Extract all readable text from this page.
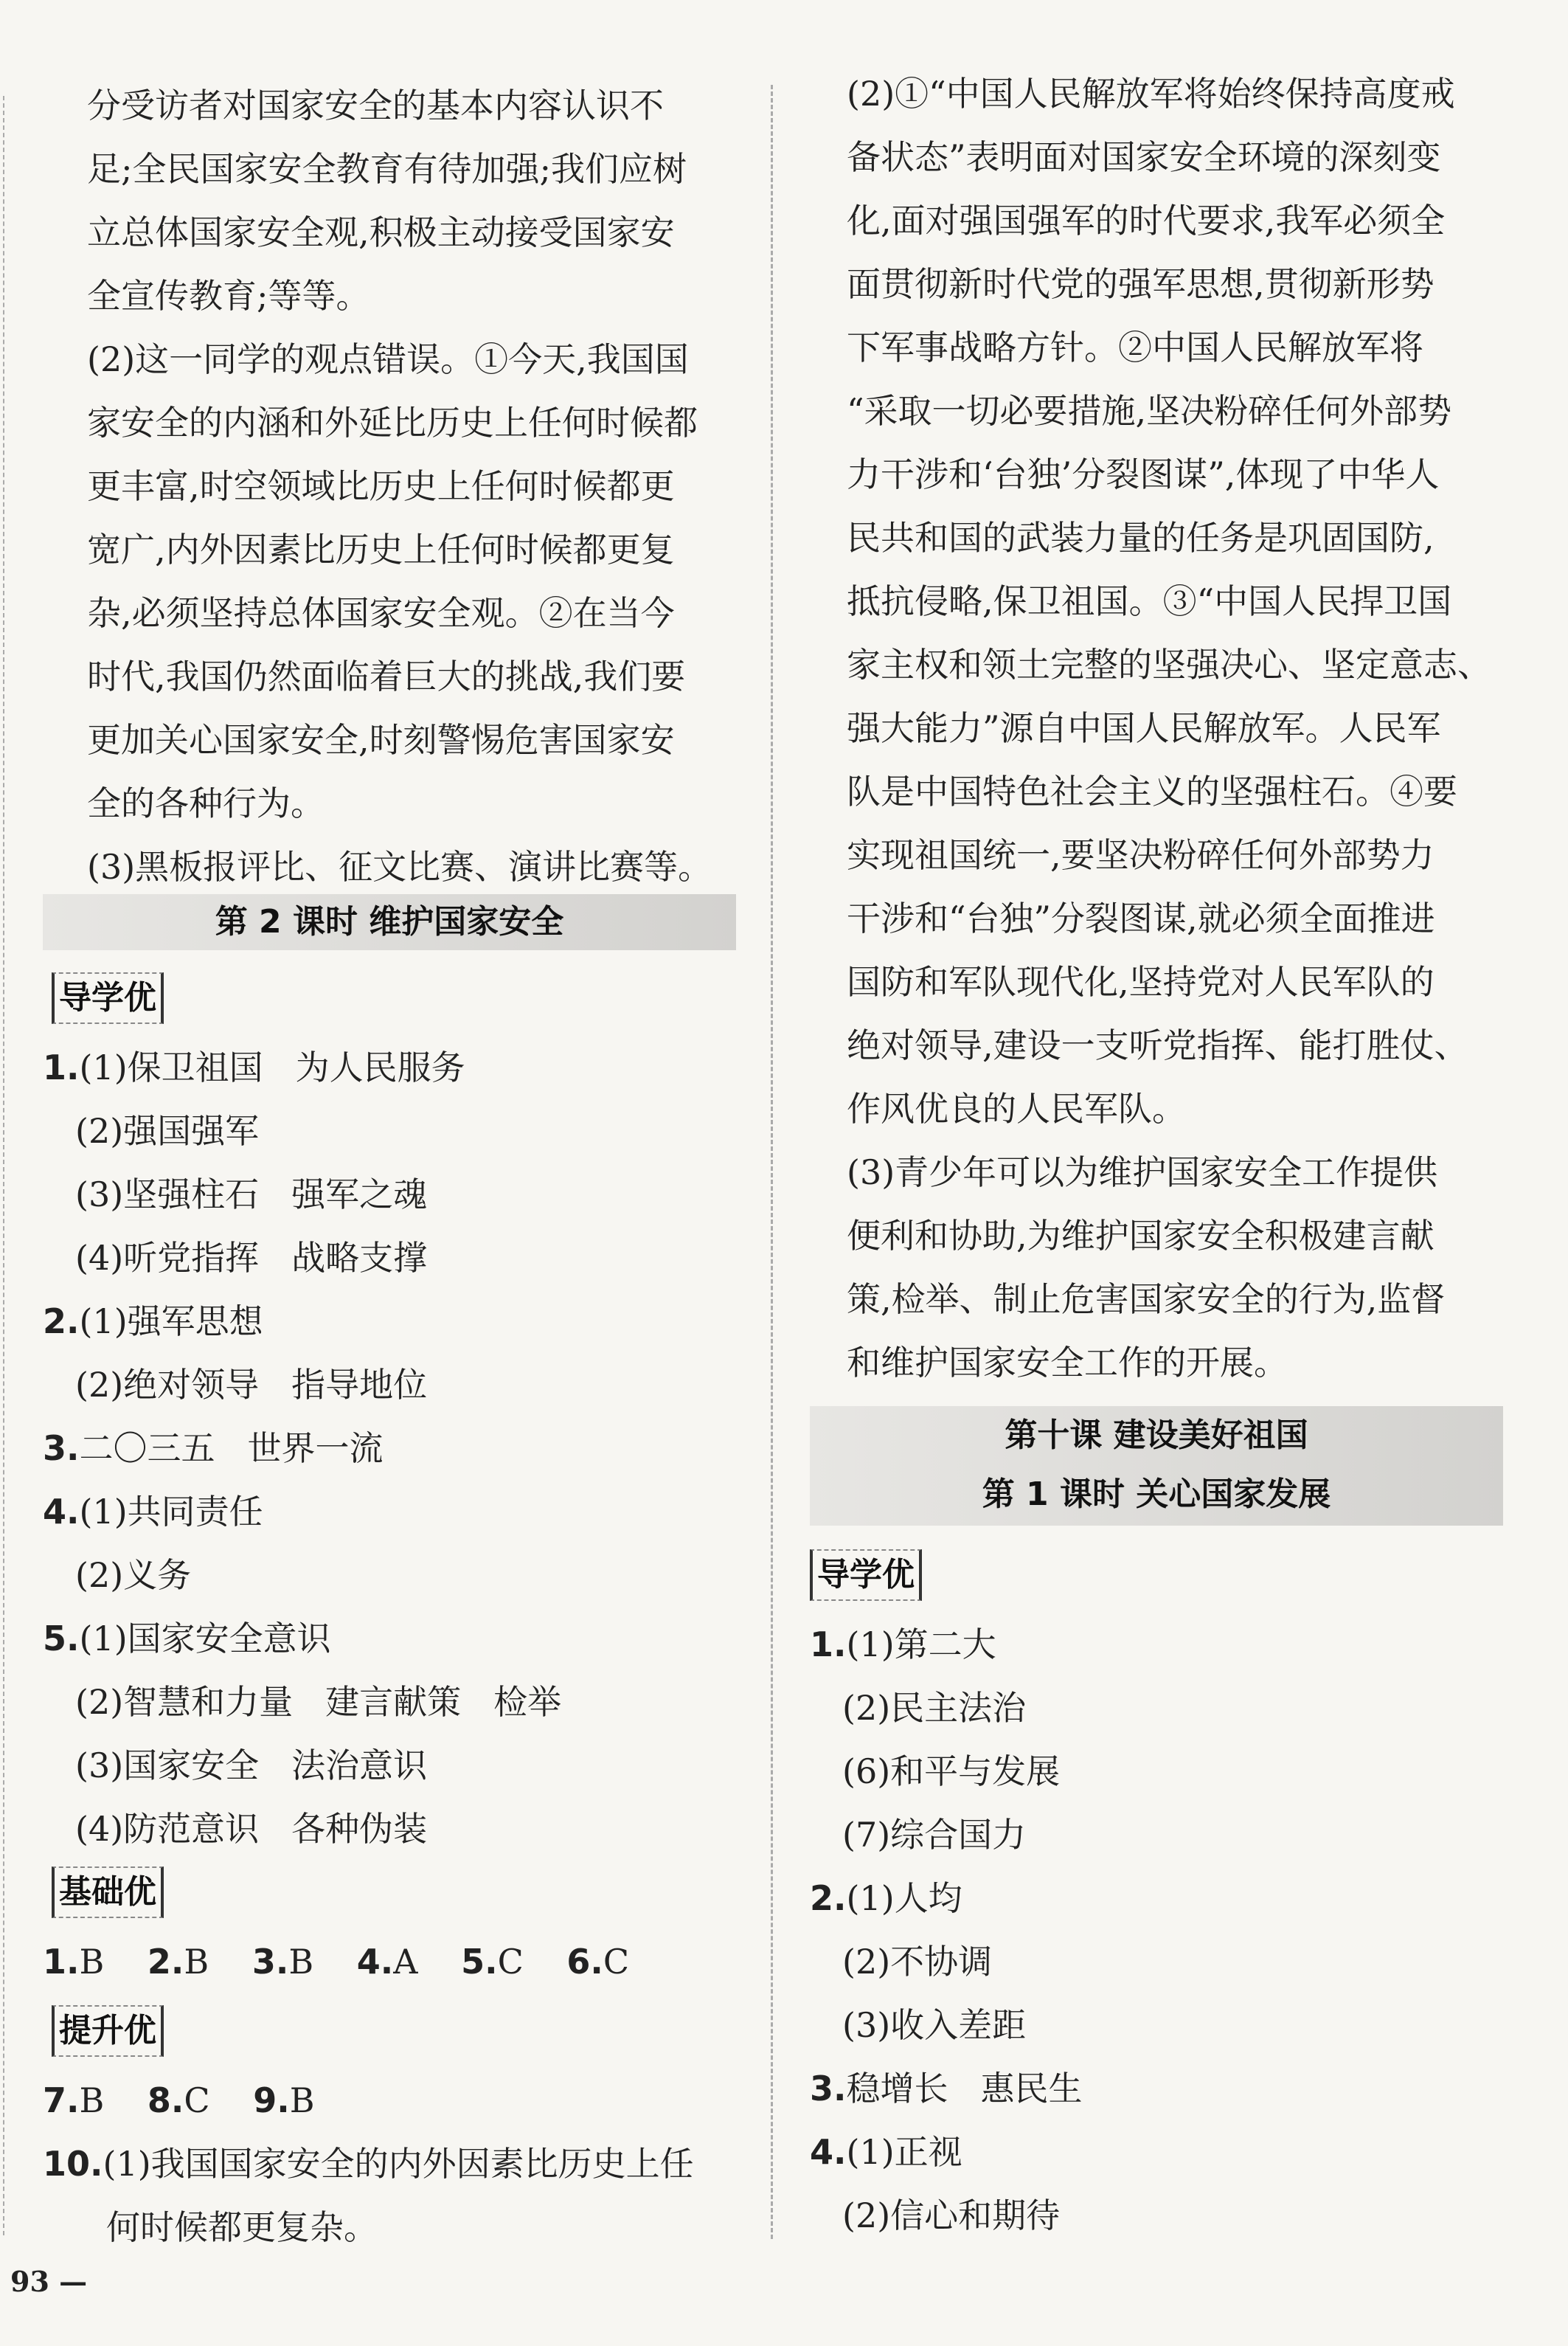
分受访者对国家安全的基本内容认识不
足;全民国家安全教育有待加强;我们应树
立总体国家安全观,积极主动接受国家安
全宣传教育;等等。
(2)这一同学的观点错误。①今天,我国国
家安全的内涵和外延比历史上任何时候都
更丰富,时空领域比历史上任何时候都更
宽广,内外因素比历史上任何时候都更复
杂,必须坚持总体国家安全观。②在当今
时代,我国仍然面临着巨大的挑战,我们要
更加关心国家安全,时刻警惕危害国家安
全的各种行为。
(3)黑板报评比、征文比赛、演讲比赛等。
第 2 课时 维护国家安全
导学优
1.(1)保卫祖国 为人民服务
(2)强国强军
(3)坚强柱石 强军之魂
(4)听党指挥 战略支撑
2.(1)强军思想
(2)绝对领导 指导地位
3.二〇三五 世界一流
4.(1)共同责任
(2)义务
5.(1)国家安全意识
(2)智慧和力量 建言献策 检举
(3)国家安全 法治意识
(4)防范意识 各种伪装
基础优
1.B 2.B 3.B 4.A 5.C 6.C
提升优
7.B 8.C 9.B
10.(1)我国国家安全的内外因素比历史上任
何时候都更复杂。
(2)①“中国人民解放军将始终保持高度戒
备状态”表明面对国家安全环境的深刻变
化,面对强国强军的时代要求,我军必须全
面贯彻新时代党的强军思想,贯彻新形势
下军事战略方针。②中国人民解放军将
“采取一切必要措施,坚决粉碎任何外部势
力干涉和‘台独’分裂图谋”,体现了中华人
民共和国的武装力量的任务是巩固国防,
抵抗侵略,保卫祖国。③“中国人民捍卫国
家主权和领土完整的坚强决心、坚定意志、
强大能力”源自中国人民解放军。人民军
队是中国特色社会主义的坚强柱石。④要
实现祖国统一,要坚决粉碎任何外部势力
干涉和“台独”分裂图谋,就必须全面推进
国防和军队现代化,坚持党对人民军队的
绝对领导,建设一支听党指挥、能打胜仗、
作风优良的人民军队。
(3)青少年可以为维护国家安全工作提供
便利和协助,为维护国家安全积极建言献
策,检举、制止危害国家安全的行为,监督
和维护国家安全工作的开展。
第十课 建设美好祖国
第 1 课时 关心国家发展
导学优
1.(1)第二大
(2)民主法治
(6)和平与发展
(7)综合国力
2.(1)人均
(2)不协调
(3)收入差距
3.稳增长 惠民生
4.(1)正视
(2)信心和期待
93 —
